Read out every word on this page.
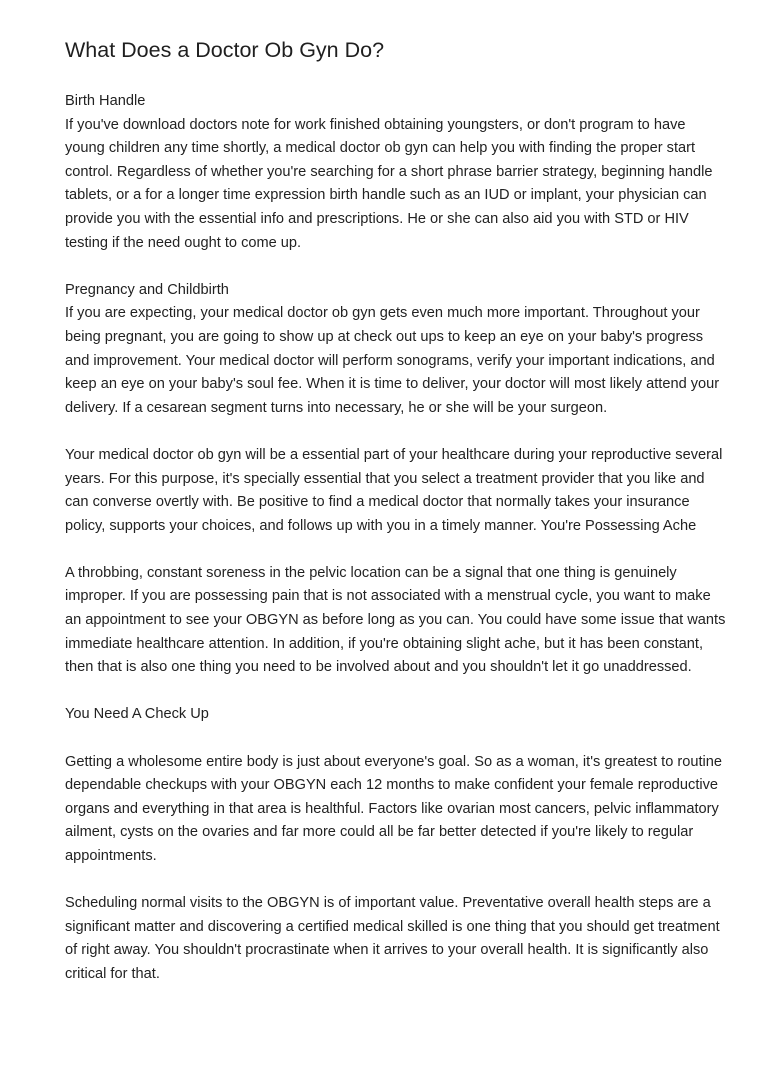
What Does a Doctor Ob Gyn Do?

Birth Handle

If you've download doctors note for work finished obtaining youngsters, or don't program to have young children any time shortly, a medical doctor ob gyn can help you with finding the proper start control. Regardless of whether you're searching for a short phrase barrier strategy, beginning handle tablets, or a for a longer time expression birth handle such as an IUD or implant, your physician can provide you with the essential info and prescriptions. He or she can also aid you with STD or HIV testing if the need ought to come up.

Pregnancy and Childbirth

If you are expecting, your medical doctor ob gyn gets even much more important. Throughout your being pregnant, you are going to show up at check out ups to keep an eye on your baby's progress and improvement. Your medical doctor will perform sonograms, verify your important indications, and keep an eye on your baby's soul fee. When it is time to deliver, your doctor will most likely attend your delivery. If a cesarean segment turns into necessary, he or she will be your surgeon.

Your medical doctor ob gyn will be a essential part of your healthcare during your reproductive several years. For this purpose, it's specially essential that you select a treatment provider that you like and can converse overtly with. Be positive to find a medical doctor that normally takes your insurance policy, supports your choices, and follows up with you in a timely manner. You're Possessing Ache

A throbbing, constant soreness in the pelvic location can be a signal that one thing is genuinely improper. If you are possessing pain that is not associated with a menstrual cycle, you want to make an appointment to see your OBGYN as before long as you can. You could have some issue that wants immediate healthcare attention. In addition, if you're obtaining slight ache, but it has been constant, then that is also one thing you need to be involved about and you shouldn't let it go unaddressed.

You Need A Check Up

Getting a wholesome entire body is just about everyone's goal. So as a woman, it's greatest to routine dependable checkups with your OBGYN each 12 months to make confident your female reproductive organs and everything in that area is healthful. Factors like ovarian most cancers, pelvic inflammatory ailment, cysts on the ovaries and far more could all be far better detected if you're likely to regular appointments.

Scheduling normal visits to the OBGYN is of important value. Preventative overall health steps are a significant matter and discovering a certified medical skilled is one thing that you should get treatment of right away. You shouldn't procrastinate when it arrives to your overall health. It is significantly also critical for that.
